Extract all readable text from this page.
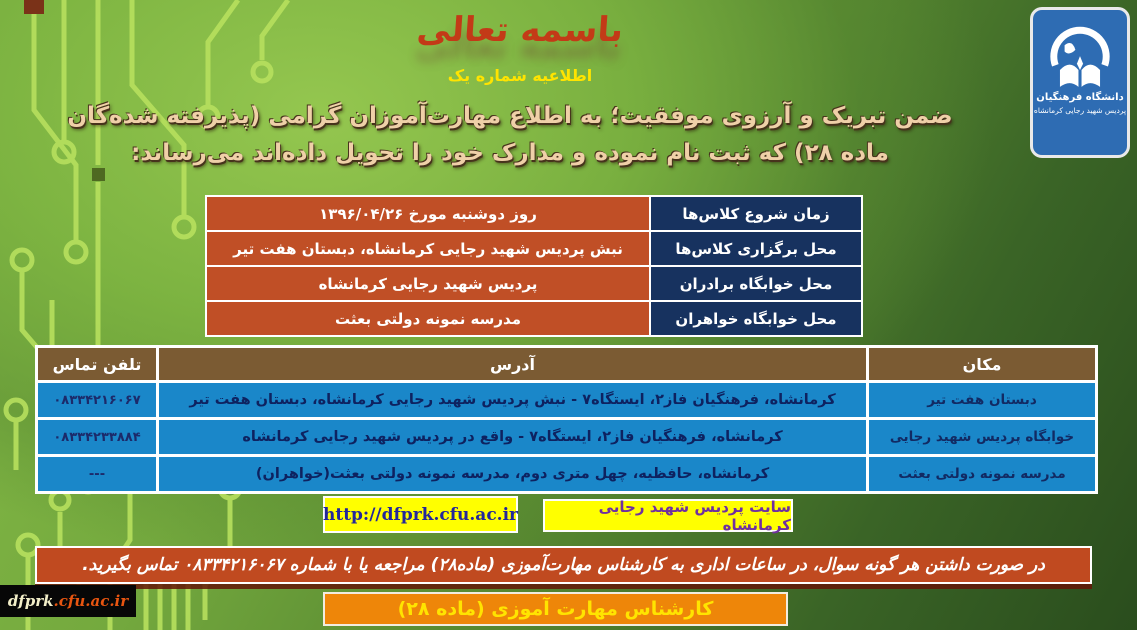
دانشگاه فرهنگیان
پردیس شهید رجایی کرمانشاه
باسمه تعالی
اطلاعیه شماره یک
ضمن تبریک و آرزوی موفقیت؛ به اطلاع مهارت‌آموزان گرامی (پذیرفته شده‌گان
ماده ۲۸) که ثبت نام نموده و مدارک خود را تحویل داده‌اند می‌رساند:
زمان شروع کلاس‌ها
روز دوشنبه مورخ ۱۳۹۶/۰۴/۲۶
محل برگزاری کلاس‌ها
نبش پردیس شهید رجایی کرمانشاه، دبستان هفت تیر
محل خوابگاه برادران
پردیس شهید رجایی کرمانشاه
محل خوابگاه خواهران
مدرسه نمونه دولتی بعثت
مکان
آدرس
تلفن تماس
دبستان هفت تیر
کرمانشاه، فرهنگیان فاز۲، ایستگاه۷ - نبش پردیس شهید رجایی کرمانشاه، دبستان هفت تیر
۰۸۳۳۴۲۱۶۰۶۷
خوابگاه پردیس شهید رجایی
کرمانشاه، فرهنگیان فاز۲، ایستگاه۷ - واقع در پردیس شهید رجایی کرمانشاه
۰۸۳۳۴۲۳۳۸۸۴
مدرسه نمونه دولتی بعثت
کرمانشاه، حافظیه، چهل متری دوم، مدرسه نمونه دولتی بعثت(خواهران)
---
سایت پردیس شهید رجایی کرمانشاه
http://dfprk.cfu.ac.ir
در صورت داشتن هر گونه سوال، در ساعات اداری به کارشناس مهارت‌آموزی (ماده۲۸) مراجعه یا با شماره ۰۸۳۳۴۲۱۶۰۶۷ تماس بگیرید.
کارشناس مهارت آموزی (ماده ۲۸)
dfprk .cfu.ac.ir
